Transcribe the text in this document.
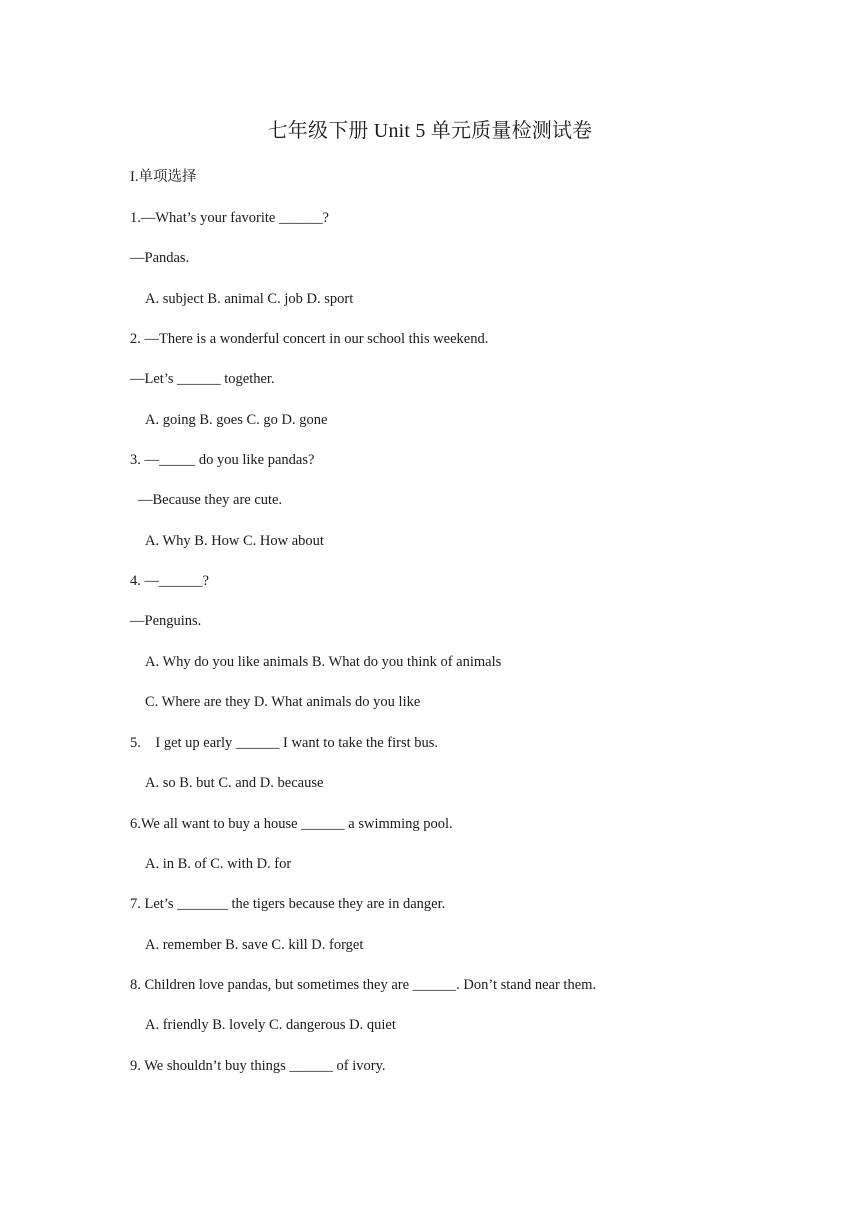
七年级下册 Unit 5 单元质量检测试卷
I.单项选择
1.—What’s your favorite ______?
—Pandas.
A. subject B. animal C. job D. sport
2. —There is a wonderful concert in our school this weekend.
—Let’s ______ together.
A. going B. goes C. go D. gone
3. —_____ do you like pandas?
—Because they are cute.
A. Why B. How C. How about
4. —______?
—Penguins.
A. Why do you like animals B. What do you think of animals
C. Where are they D. What animals do you like
5.    I get up early ______ I want to take the first bus.
A. so B. but C. and D. because
6.We all want to buy a house ______ a swimming pool.
A. in B. of C. with D. for
7. Let’s _______ the tigers because they are in danger.
A. remember B. save C. kill D. forget
8. Children love pandas, but sometimes they are ______. Don’t stand near them.
A. friendly B. lovely C. dangerous D. quiet
9. We shouldn’t buy things ______ of ivory.
